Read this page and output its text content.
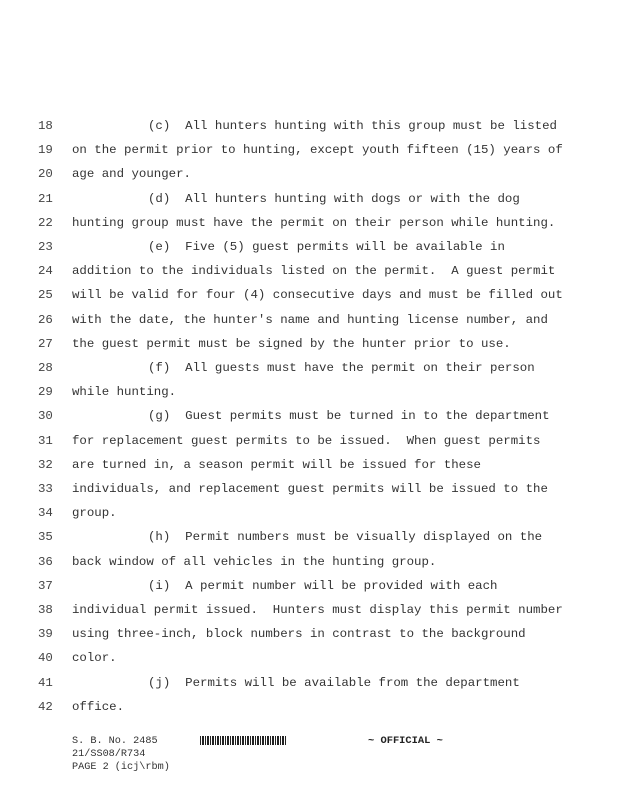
18	(c)  All hunters hunting with this group must be listed
19	on the permit prior to hunting, except youth fifteen (15) years of
20	age and younger.
21	(d)  All hunters hunting with dogs or with the dog
22	hunting group must have the permit on their person while hunting.
23	(e)  Five (5) guest permits will be available in
24	addition to the individuals listed on the permit.  A guest permit
25	will be valid for four (4) consecutive days and must be filled out
26	with the date, the hunter's name and hunting license number, and
27	the guest permit must be signed by the hunter prior to use.
28	(f)  All guests must have the permit on their person
29	while hunting.
30	(g)  Guest permits must be turned in to the department
31	for replacement guest permits to be issued.  When guest permits
32	are turned in, a season permit will be issued for these
33	individuals, and replacement guest permits will be issued to the
34	group.
35	(h)  Permit numbers must be visually displayed on the
36	back window of all vehicles in the hunting group.
37	(i)  A permit number will be provided with each
38	individual permit issued.  Hunters must display this permit number
39	using three-inch, block numbers in contrast to the background
40	color.
41	(j)  Permits will be available from the department
42	office.
S. B. No. 2485
21/SS08/R734
PAGE 2 (icj\rbm)
~ OFFICIAL ~
